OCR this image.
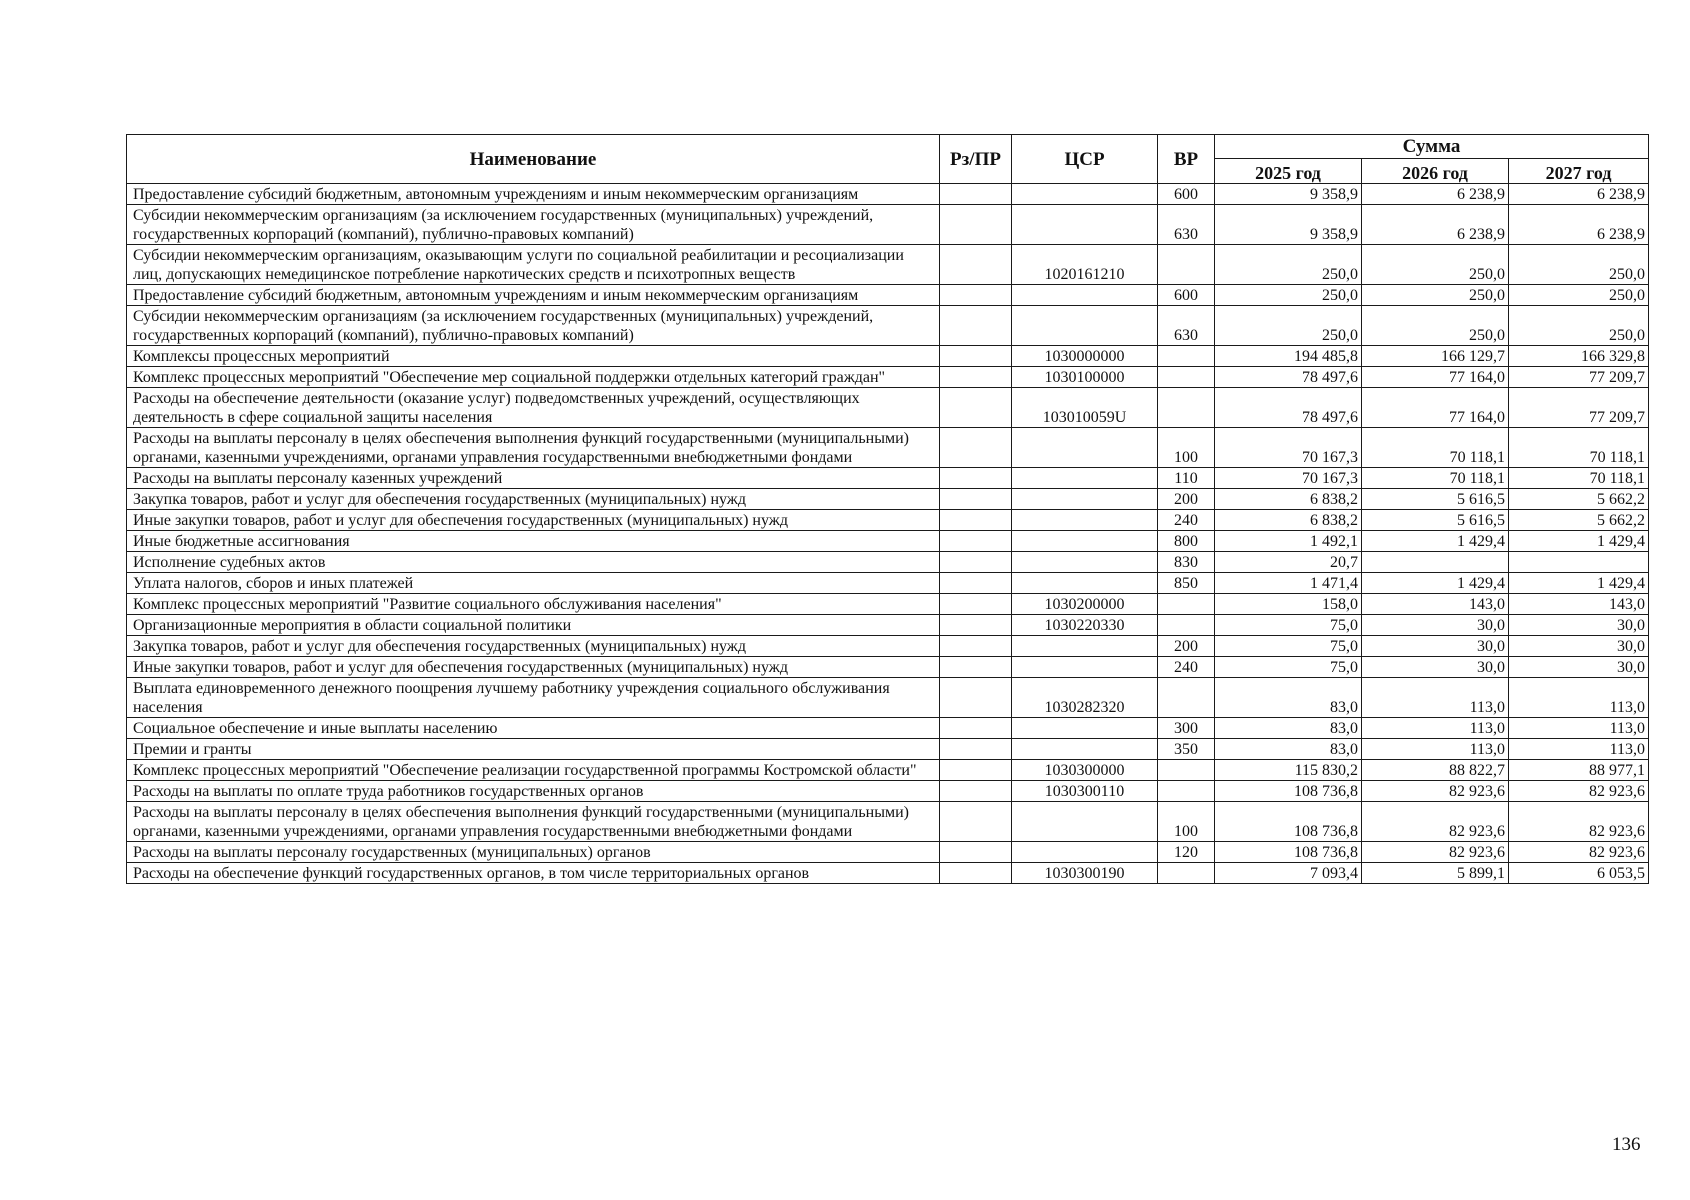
Наименование	Рз/ПР	ЦСР	ВР	Сумма		
				2025 год	2026 год	2027 год
Предоставление субсидий бюджетным, автономным учреждениям и иным некоммерческим организациям			600	9 358,9	6 238,9	6 238,9
Субсидии некоммерческим организациям (за исключением государственных (муниципальных) учреждений, государственных корпораций (компаний), публично-правовых компаний)			630	9 358,9	6 238,9	6 238,9
Субсидии некоммерческим организациям, оказывающим услуги по социальной реабилитации и ресоциализации лиц, допускающих немедицинское потребление наркотических средств и психотропных веществ		1020161210		250,0	250,0	250,0
Предоставление субсидий бюджетным, автономным учреждениям и иным некоммерческим организациям			600	250,0	250,0	250,0
Субсидии некоммерческим организациям (за исключением государственных (муниципальных) учреждений, государственных корпораций (компаний), публично-правовых компаний)			630	250,0	250,0	250,0
Комплексы процессных мероприятий		1030000000		194 485,8	166 129,7	166 329,8
Комплекс процессных мероприятий "Обеспечение мер социальной поддержки отдельных категорий граждан"		1030100000		78 497,6	77 164,0	77 209,7
Расходы на обеспечение деятельности (оказание услуг) подведомственных учреждений, осуществляющих деятельность в сфере социальной защиты населения		103010059U		78 497,6	77 164,0	77 209,7
Расходы на выплаты персоналу в целях обеспечения выполнения функций государственными (муниципальными) органами, казенными учреждениями, органами управления государственными внебюджетными фондами			100	70 167,3	70 118,1	70 118,1
Расходы на выплаты персоналу казенных учреждений			110	70 167,3	70 118,1	70 118,1
Закупка товаров, работ и услуг для обеспечения государственных (муниципальных) нужд			200	6 838,2	5 616,5	5 662,2
Иные закупки товаров, работ и услуг для обеспечения государственных (муниципальных) нужд			240	6 838,2	5 616,5	5 662,2
Иные бюджетные ассигнования			800	1 492,1	1 429,4	1 429,4
Исполнение судебных актов			830	20,7		
Уплата налогов, сборов и иных платежей			850	1 471,4	1 429,4	1 429,4
Комплекс процессных мероприятий "Развитие социального обслуживания населения"		1030200000		158,0	143,0	143,0
Организационные мероприятия в области социальной политики		1030220330		75,0	30,0	30,0
Закупка товаров, работ и услуг для обеспечения государственных (муниципальных) нужд			200	75,0	30,0	30,0
Иные закупки товаров, работ и услуг для обеспечения государственных (муниципальных) нужд			240	75,0	30,0	30,0
Выплата единовременного денежного поощрения лучшему работнику учреждения социального обслуживания населения		1030282320		83,0	113,0	113,0
Социальное обеспечение и иные выплаты населению			300	83,0	113,0	113,0
Премии и гранты			350	83,0	113,0	113,0
Комплекс процессных мероприятий "Обеспечение реализации государственной программы Костромской области"		1030300000		115 830,2	88 822,7	88 977,1
Расходы на выплаты по оплате труда работников государственных органов		1030300110		108 736,8	82 923,6	82 923,6
Расходы на выплаты персоналу в целях обеспечения выполнения функций государственными (муниципальными) органами, казенными учреждениями, органами управления государственными внебюджетными фондами			100	108 736,8	82 923,6	82 923,6
Расходы на выплаты персоналу государственных (муниципальных) органов			120	108 736,8	82 923,6	82 923,6
Расходы на обеспечение функций государственных органов, в том числе территориальных органов		1030300190		7 093,4	5 899,1	6 053,5
136
